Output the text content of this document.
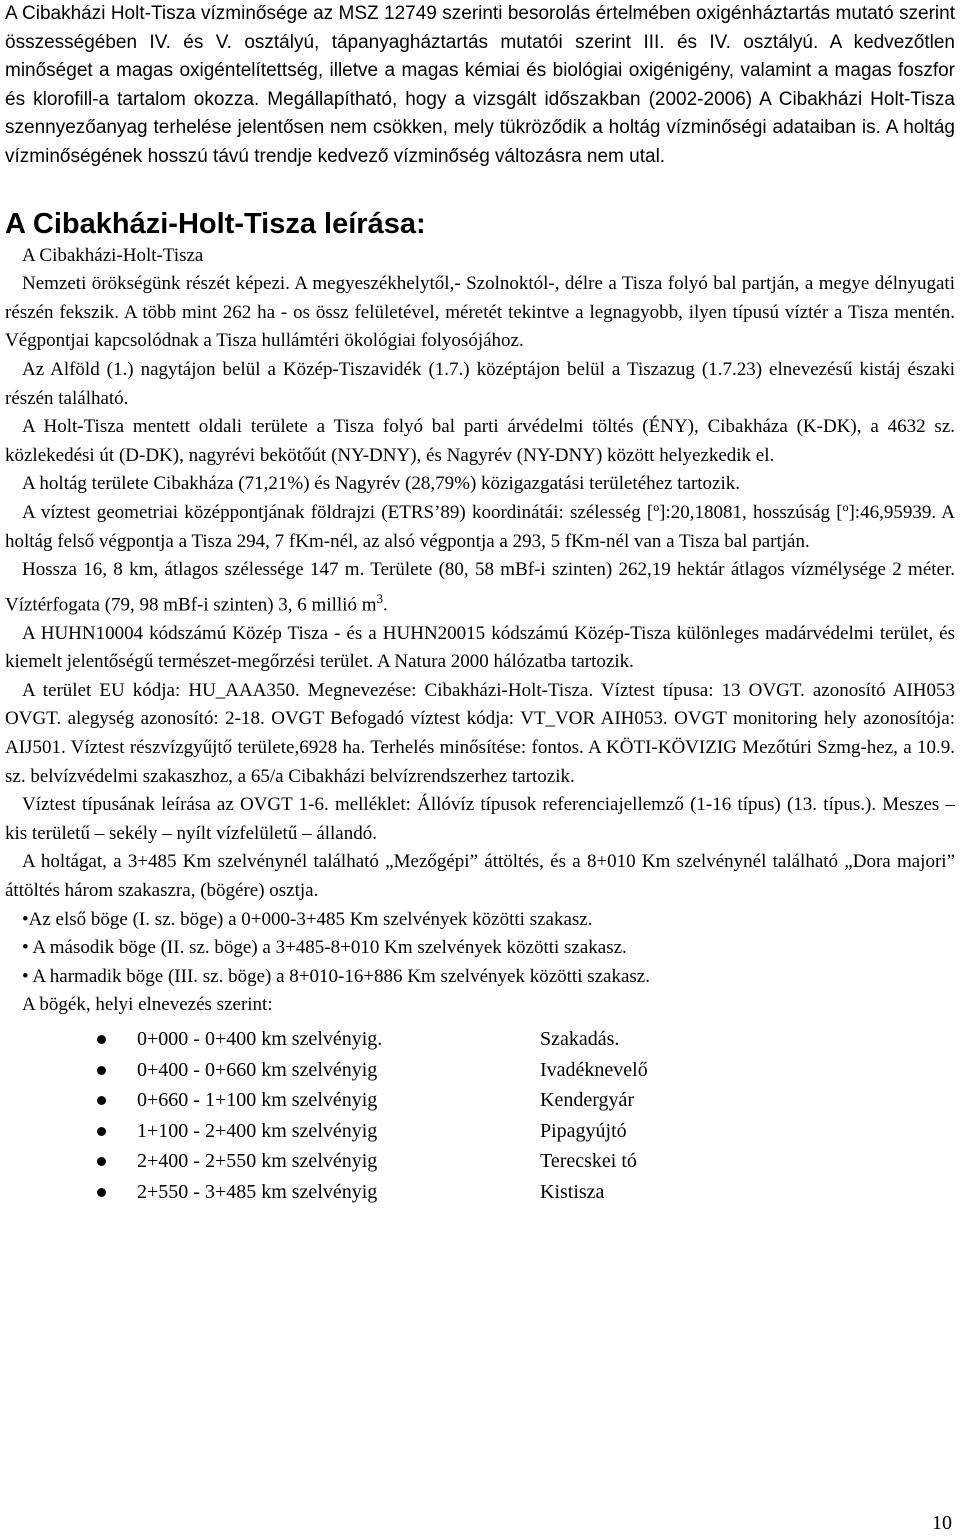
A Cibakházi Holt-Tisza vízminősége az MSZ 12749 szerinti besorolás értelmében oxigénháztartás mutató szerint összességében IV. és V. osztályú, tápanyagháztartás mutatói szerint III. és IV. osztályú. A kedvezőtlen minőséget a magas oxigéntelítettség, illetve a magas kémiai és biológiai oxigénigény, valamint a magas foszfor és klorofill-a tartalom okozza. Megállapítható, hogy a vizsgált időszakban (2002-2006) A Cibakházi Holt-Tisza szennyezőanyag terhelése jelentősen nem csökken, mely tükröződik a holtág vízminőségi adataiban is. A holtág vízminőségének hosszú távú trendje kedvező vízminőség változásra nem utal.

A Cibakházi-Holt-Tisza leírása:

A Cibakházi-Holt-Tisza

Nemzeti örökségünk részét képezi. A megyeszékhelytől,- Szolnoktól-, délre a Tisza folyó bal partján, a megye délnyugati részén fekszik. A több mint 262 ha - os össz felületével, méretét tekintve a legnagyobb, ilyen típusú víztér a Tisza mentén. Végpontjai kapcsolódnak a Tisza hullámtéri ökológiai folyosójához.

Az Alföld (1.) nagytájon belül a Közép-Tiszavidék (1.7.) középtájon belül a Tiszazug (1.7.23) elnevezésű kistáj északi részén található.

A Holt-Tisza mentett oldali területe a Tisza folyó bal parti árvédelmi töltés (ÉNY), Cibakháza (K-DK), a 4632 sz. közlekedési út (D-DK), nagyrévi bekötőút (NY-DNY), és Nagyrév (NY-DNY) között helyezkedik el.

A holtág területe Cibakháza (71,21%) és Nagyrév (28,79%) közigazgatási területéhez tartozik.

A víztest geometriai középpontjának földrajzi (ETRS’89) koordinátái: szélesség [º]:20,18081, hosszúság [º]:46,95939. A holtág felső végpontja a Tisza 294, 7 fKm-nél, az alsó végpontja a 293, 5 fKm-nél van a Tisza bal partján.

Hossza 16, 8 km, átlagos szélessége 147 m. Területe (80, 58 mBf-i szinten) 262,19 hektár átlagos vízmélysége 2 méter. Víztérfogata (79, 98 mBf-i szinten) 3, 6 millió $m^3$.

A HUHN10004 kódszámú Közép Tisza - és a HUHN20015 kódszámú Közép-Tisza különleges madárvédelmi terület, és kiemelt jelentőségű természet-megőrzési terület. A Natura 2000 hálózatba tartozik.

A terület EU kódja: HU_AAA350. Megnevezése: Cibakházi-Holt-Tisza. Víztest típusa: 13 OVGT. azonosító AIH053 OVGT. alegység azonosító: 2-18. OVGT Befogadó víztest kódja: VT_VOR AIH053. OVGT monitoring hely azonosítója: AIJ501. Víztest részvízgyűjtő területe,6928 ha. Terhelés minősítése: fontos. A KÖTI-KÖVIZIG Mezőtúri Szmg-hez, a 10.9. sz. belvízvédelmi szakaszhoz, a 65/a Cibakházi belvízrendszerhez tartozik.

Víztest típusának leírása az OVGT 1-6. melléklet: Állóvíz típusok referenciajellemző (1-16 típus) (13. típus.). Meszes – kis területű – sekély – nyílt vízfelületű – állandó.

A holtágat, a 3+485 Km szelvénynél található „Mezőgépi” áttöltés, és a 8+010 Km szelvénynél található „Dora majori” áttöltés három szakaszra, (bögére) osztja.

•Az első böge (I. sz. böge) a 0+000-3+485 Km szelvények közötti szakasz.
• A második böge (II. sz. böge) a 3+485-8+010 Km szelvények közötti szakasz.
• A harmadik böge (III. sz. böge) a 8+010-16+886 Km szelvények közötti szakasz.

A bögék, helyi elnevezés szerint:

0+000 - 0+400 km szelvényig.	Szakadás.
0+400 - 0+660 km szelvényig	Ivadéknevelő
0+660 - 1+100 km szelvényig	Kendergyár
1+100 - 2+400 km szelvényig	Pipagyújtó
2+400 - 2+550 km szelvényig	Terecskei tó
2+550 - 3+485 km szelvényig	Kistisza
10
